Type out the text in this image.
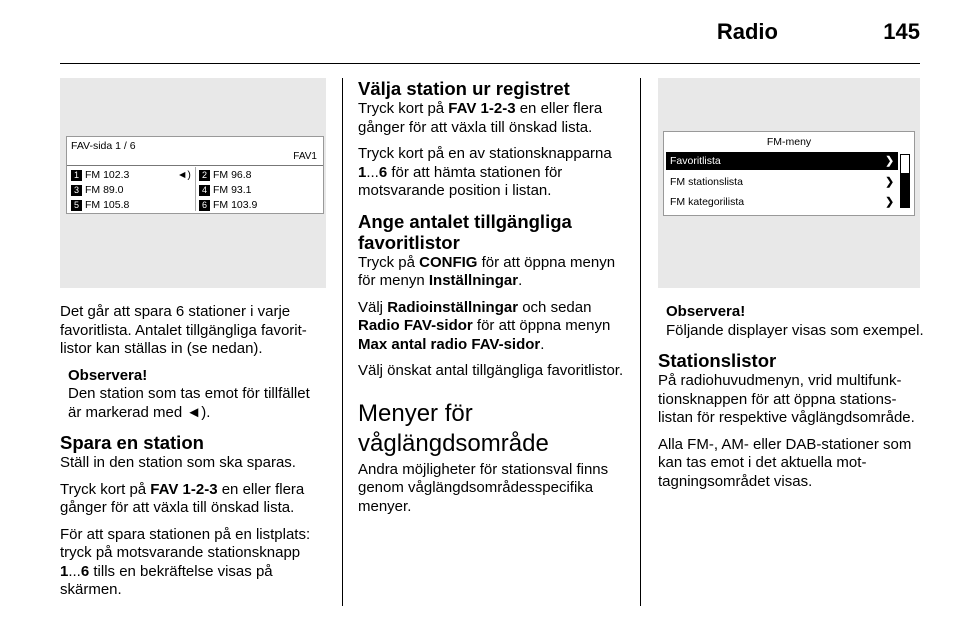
Radio	145
FAV-sida 1 / 6
FAV1
1 FM 102.3	◄)	2 FM 96.8
3 FM 89.0	4 FM 93.1
5 FM 105.8	6 FM 103.9

Det går att spara 6 stationer i varje favoritlista. Antalet tillgängliga favoritlistor kan ställas in (se nedan).

Observera!
Den station som tas emot för tillfället är markerad med ◄).
Spara en station

Ställ in den station som ska sparas.

Tryck kort på FAV 1-2-3 en eller flera gånger för att växla till önskad lista.

För att spara stationen på en listplats: tryck på motsvarande stationsknapp 1...6 tills en bekräftelse visas på skärmen.

Välja station ur registret

Tryck kort på FAV 1-2-3 en eller flera gånger för att växla till önskad lista.

Tryck kort på en av stationsknapparna 1...6 för att hämta stationen för motsvarande position i listan.

Ange antalet tillgängliga favoritlistor

Tryck på CONFIG för att öppna menyn för menyn Inställningar.

Välj Radioinställningar och sedan Radio FAV-sidor för att öppna menyn Max antal radio FAV-sidor.

Välj önskat antal tillgängliga favoritlistor.

Menyer för våglängdsområde

Andra möjligheter för stationsval finns genom våglängdsområdesspecifika menyer.

FM-meny
Favoritlista	❯
FM stationslista	❯
FM kategorilista	❯
Observera!
Följande displayer visas som exempel.
Stationslistor

På radiohuvudmenyn, vrid multifunktionsknappen för att öppna stationslistan för respektive våglängdsområde.

Alla FM-, AM- eller DAB-stationer som kan tas emot i det aktuella mottagningsområdet visas.
